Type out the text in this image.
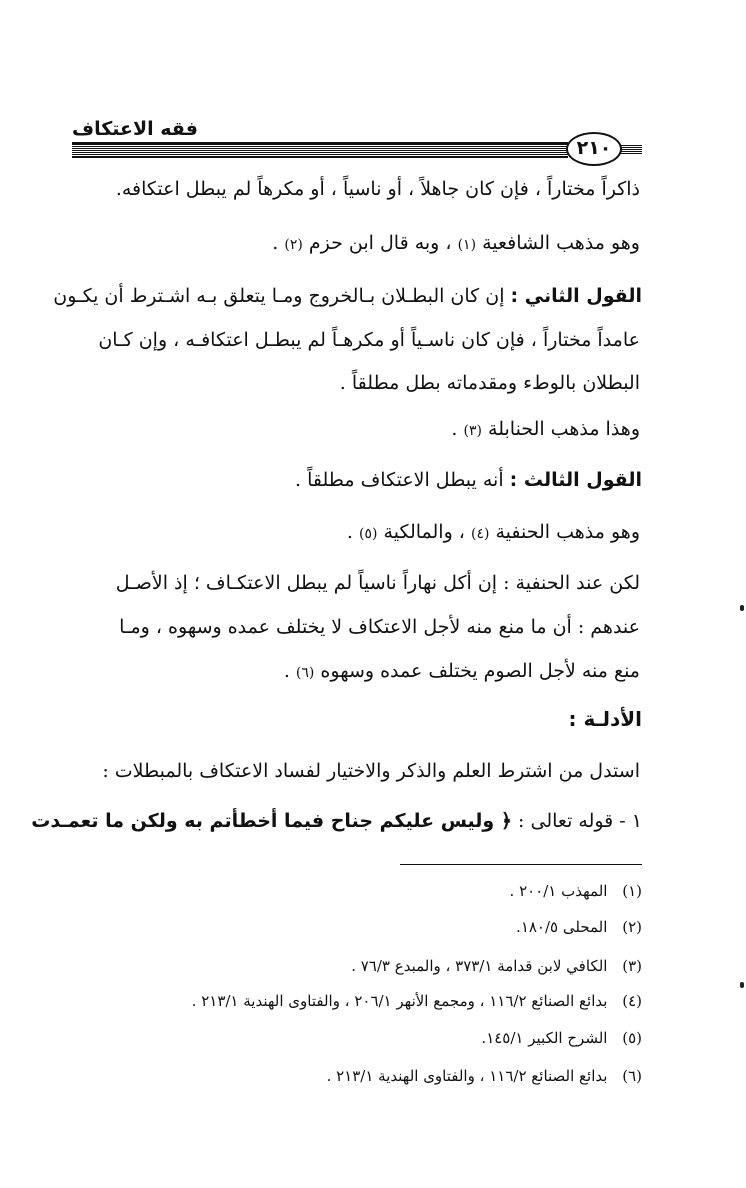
فقه الاعتكاف
٢١٠
ذاكراً مختاراً ، فإن كان جاهلاً ، أو ناسياً ، أو مكرهاً لم يبطل اعتكافه.
وهو مذهب الشافعية (١) ، وبه قال ابن حزم (٢) .
القول الثاني : إن كان البطـلان بـالخروج ومـا يتعلق بـه اشـترط أن يكـون
عامداً مختاراً ، فإن كان ناسـياً أو مكرهـاً لم يبطـل اعتكافـه ، وإن كـان
البطلان بالوطء ومقدماته بطل مطلقاً .
وهذا مذهب الحنابلة (٣) .
القول الثالث : أنه يبطل الاعتكاف مطلقاً .
وهو مذهب الحنفية (٤) ، والمالكية (٥) .
لكن عند الحنفية : إن أكل نهاراً ناسياً لم يبطل الاعتكـاف ؛ إذ الأصـل
عندهم : أن ما منع منه لأجل الاعتكاف لا يختلف عمده وسهوه ، ومـا
منع منه لأجل الصوم يختلف عمده وسهوه (٦) .
الأدلـة :
استدل من اشترط العلم والذكر والاختيار لفساد الاعتكاف بالمبطلات :
١ - قوله تعالى : ﴿ وليس عليكم جناح فيما أخطأتم به ولكن ما تعمـدت
(١) المهذب ٢٠٠/١ .
(٢) المحلى ١٨٠/٥.
(٣) الكافي لابن قدامة ٣٧٣/١ ، والمبدع ٧٦/٣ .
(٤) بدائع الصنائع ١١٦/٢ ، ومجمع الأنهر ٢٠٦/١ ، والفتاوى الهندية ٢١٣/١ .
(٥) الشرح الكبير ١٤٥/١.
(٦) بدائع الصنائع ١١٦/٢ ، والفتاوى الهندية ٢١٣/١ .
